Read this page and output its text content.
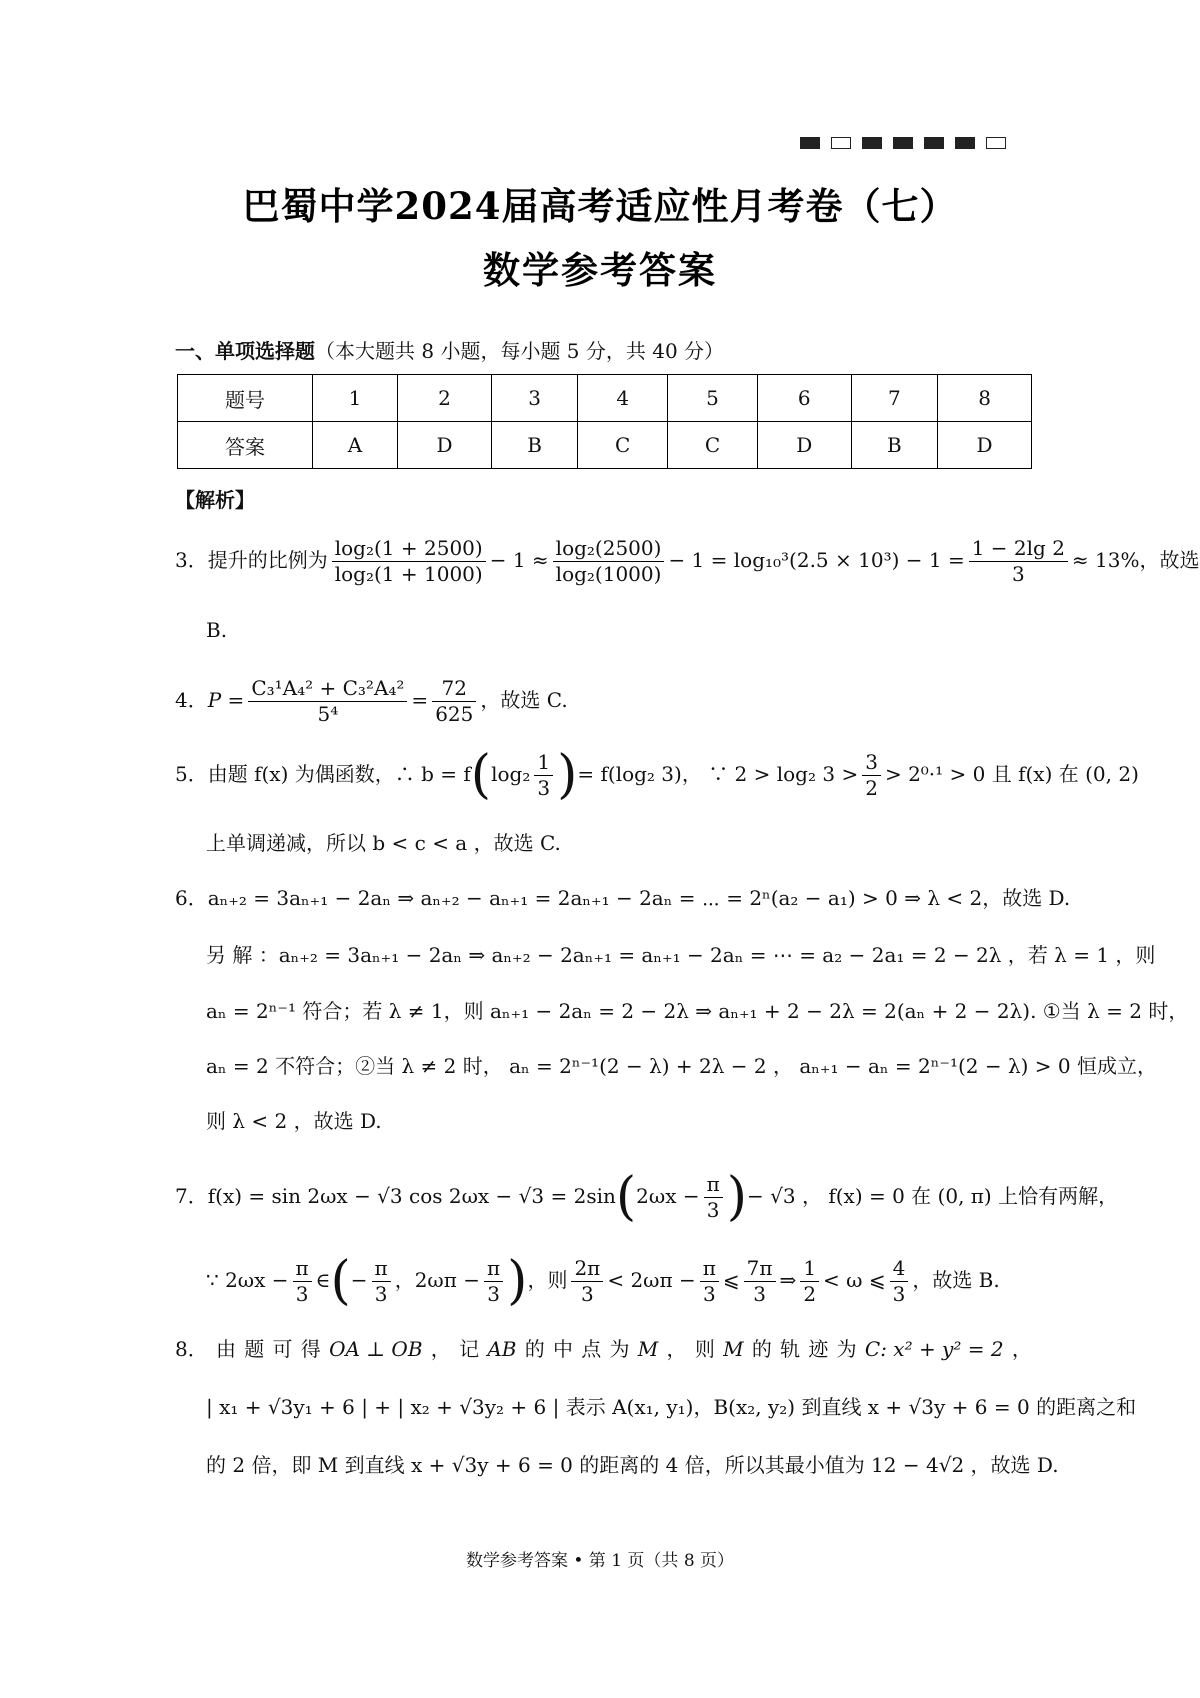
巴蜀中学2024届高考适应性月考卷（七）
数学参考答案
一、单项选择题（本大题共 8 小题，每小题 5 分，共 40 分）
题号	1	2	3	4	5	6	7	8
答案	A	D	B	C	C	D	B	D
【解析】
3．提升的比例为 $\frac{\text{log₂(1 + 2500)}}{\text{log₂(1 + 1000)}} - 1 \approx \frac{\text{log₂(2500)}}{\text{log₂(1000)}} - 1 = \log_{10}^3(2.5 \times 10^3) - 1 = \frac{1 - 2\lg 2}{3} \approx 13\%$，故选
B.
4．$P = \frac{\text{C₃¹A₄² + C₃²A₄²}}{\text{5⁴}} = \frac{72}{625}$ ，故选 C.
5．由题 f(x) 为偶函数，∴ $b = f(\log_2 \frac{1}{3}$ )= f(log₂ 3)， ∵ 2 > log₂ $3 > \frac{3}{2} > 2^0\cdot^1 > 0$ 且 f(x) 在 (0, 2)
上单调递减，所以 b < c < a ，故选 C.
6．aₙ₊₂ = 3aₙ₊₁ − 2aₙ ⇒ aₙ₊₂ − aₙ₊₁ = 2aₙ₊₁ − 2aₙ = ⋯ = 2ⁿ(a₂ − a₁) > 0 ⇒ λ < 2，故选 D.
另 解 ： aₙ₊₂ = 3aₙ₊₁ − 2aₙ ⇒ aₙ₊₂ − 2aₙ₊₁ = aₙ₊₁ − 2aₙ = ⋯ = a₂ − 2a₁ = 2 − 2λ ， 若 λ = 1 ， 则
aₙ = 2ⁿ⁻¹ 符合；若 λ ≠ 1，则 aₙ₊₁ − 2aₙ = 2 − 2λ ⇒ aₙ₊₁ + 2 − 2λ = 2(aₙ + 2 − 2λ). ①当 λ = 2 时，
aₙ = 2 不符合；②当 λ ≠ 2 时， aₙ = 2ⁿ⁻¹(2 − λ) + 2λ − 2 ， aₙ₊₁ − aₙ = 2ⁿ⁻¹(2 − λ) > 0 恒成立，
则 λ < 2 ，故选 D.
7．f(x) = sin 2ωx − √3 $\cos 2\omega x - √3 = 2\sin(2\omega x - \frac{\pi}{3}$ )− √3 ， f(x) = 0 在 (0, π) 上恰有两解，
∵ $2\omega x - \frac{\pi}{3}$ ∈(− $\frac{\pi}{3}$ ，$2\omega\pi - \frac{\pi}{3}$ )，则 $\frac{2\pi}{3} < 2\omega\pi - \frac{\pi}{3}$ ⩽ $\frac{7\pi}{3}$ ⇒ $\frac{1}{2} < \omega$ ⩽ $\frac{4}{3}$ ，故选 B.
8． 由 题 可 得 OA ⊥ OB ， 记 AB 的 中 点 为 M ， 则 M 的 轨 迹 为 C: x² + y² = 2 ，
| x₁ + √3y₁ + 6 | + | x₂ + √3y₂ + 6 | 表示 A(x₁, y₁)，B(x₂, y₂) 到直线 x + √3y + 6 = 0 的距离之和
的 2 倍，即 M 到直线 x + √3y + 6 = 0 的距离的 4 倍，所以其最小值为 12 − 4√2 ，故选 D.
数学参考答案 • 第 1 页（共 8 页）
